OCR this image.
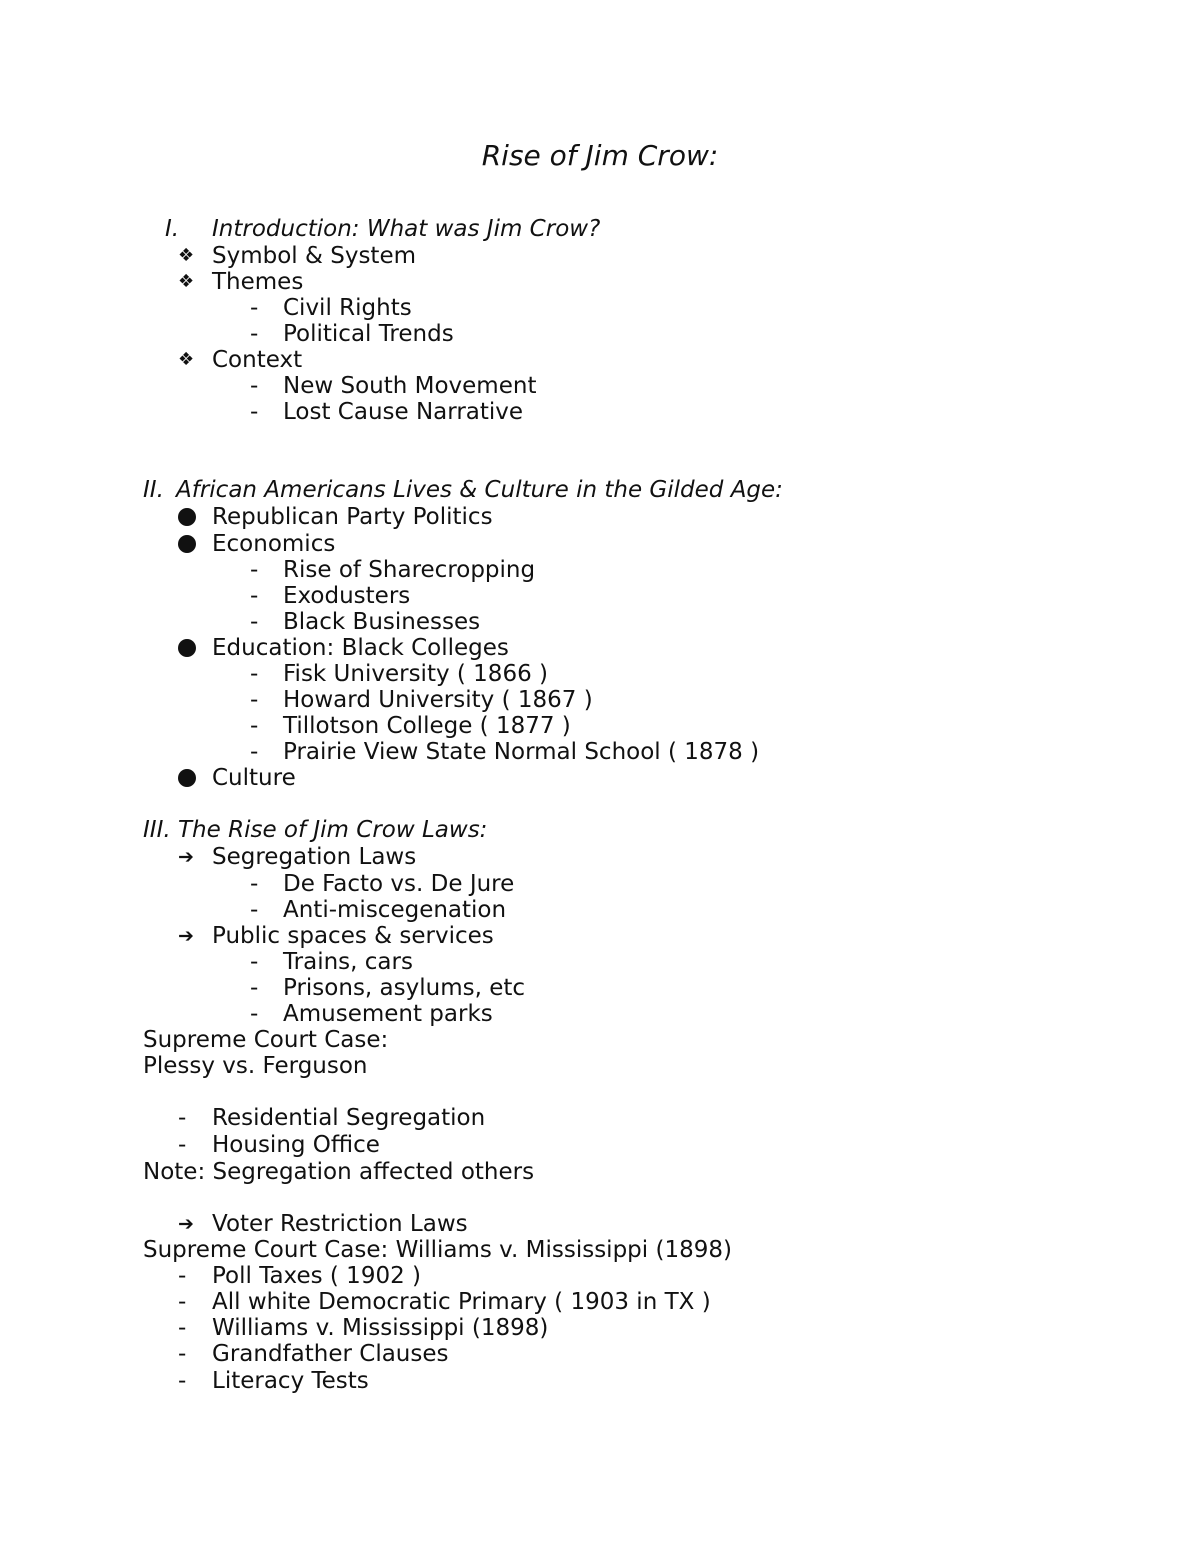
Rise of Jim Crow:
I. Introduction: What was Jim Crow?
❖ Symbol & System
❖ Themes
- Civil Rights
- Political Trends
❖ Context
- New South Movement
- Lost Cause Narrative
II. African Americans Lives & Culture in the Gilded Age:
Republican Party Politics
Economics
- Rise of Sharecropping
- Exodusters
- Black Businesses
Education: Black Colleges
- Fisk University ( 1866 )
- Howard University ( 1867 )
- Tillotson College ( 1877 )
- Prairie View State Normal School ( 1878 )
Culture
III. The Rise of Jim Crow Laws:
➔ Segregation Laws
- De Facto vs. De Jure
- Anti-miscegenation
➔ Public spaces & services
- Trains, cars
- Prisons, asylums, etc
- Amusement parks
Supreme Court Case:
Plessy vs. Ferguson
- Residential Segregation
- Housing Office
Note: Segregation affected others
➔ Voter Restriction Laws
Supreme Court Case: Williams v. Mississippi (1898)
- Poll Taxes ( 1902 )
- All white Democratic Primary ( 1903 in TX )
- Williams v. Mississippi (1898)
- Grandfather Clauses
- Literacy Tests
